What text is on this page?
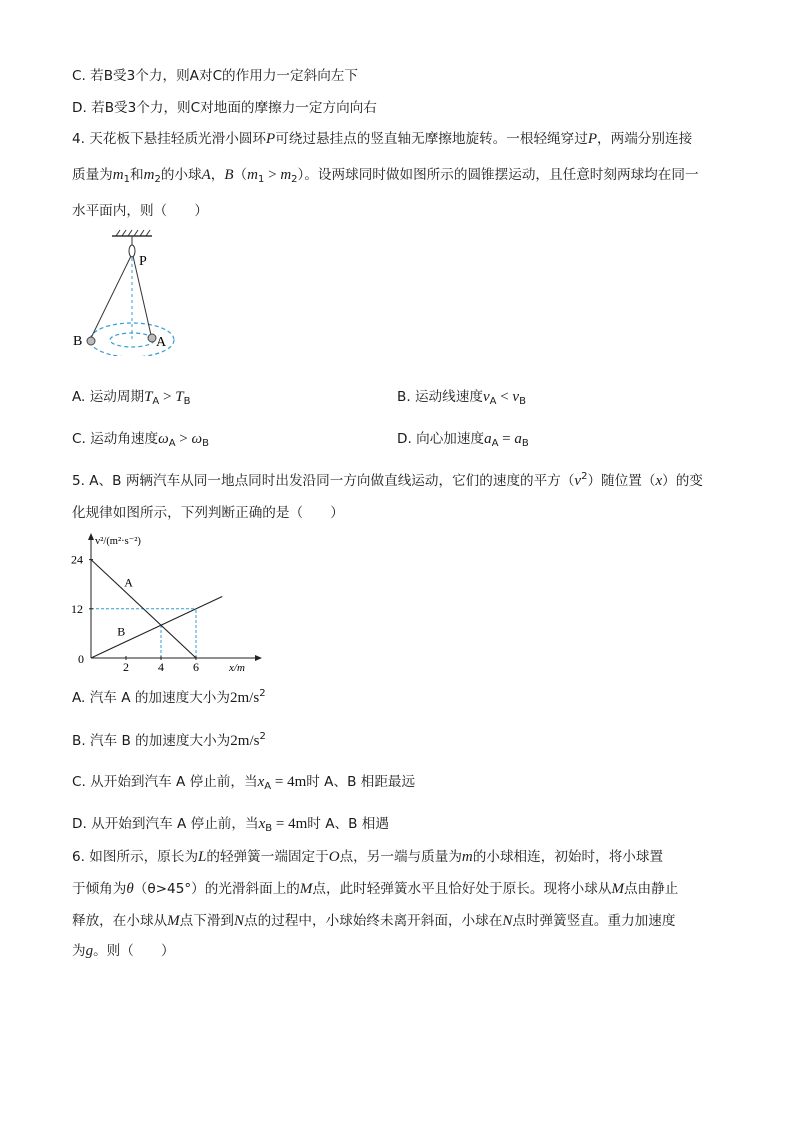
C. 若B受3个力，则A对C的作用力一定斜向左下
D. 若B受3个力，则C对地面的摩擦力一定方向向右
4. 天花板下悬挂轻质光滑小圆环P可绕过悬挂点的竖直轴无摩擦地旋转。一根轻绳穿过P，两端分别连接
质量为$m_1$和$m_2$的小球A，$B(m_1 > m_2)$。设两球同时做如图所示的圆锥摆运动，且任意时刻两球均在同一
水平面内，则（　　）
P
B	A
A. 运动周期$T_A > T_B$	B. 运动线速度$v_A < v_B$
C. 运动角速度$\omega_A > \omega_B$	D. 向心加速度$a_A = a_B$
5. A、B 两辆汽车从同一地点同时出发沿同一方向做直线运动，它们的速度的平方$(v^2)$随位置（x）的变
化规律如图所示，下列判断正确的是（　　）
A
B
12
24
2 4 6
0
x/m
v²/(m²·s⁻²)
A. 汽车 A 的加速度大小为$2m/s^2$
B. 汽车 B 的加速度大小为$2m/s^2$
C. 从开始到汽车 A 停止前，当$x_A = 4m$时 A、B 相距最远
D. 从开始到汽车 A 停止前，当$x_B = 4m$时 A、B 相遇
6. 如图所示，原长为L的轻弹簧一端固定于O点，另一端与质量为m的小球相连，初始时，将小球置
于倾角为θ（θ>45°）的光滑斜面上的M点，此时轻弹簧水平且恰好处于原长。现将小球从M点由静止
释放，在小球从M点下滑到N点的过程中，小球始终未离开斜面，小球在N点时弹簧竖直。重力加速度
为g。则（　　）
